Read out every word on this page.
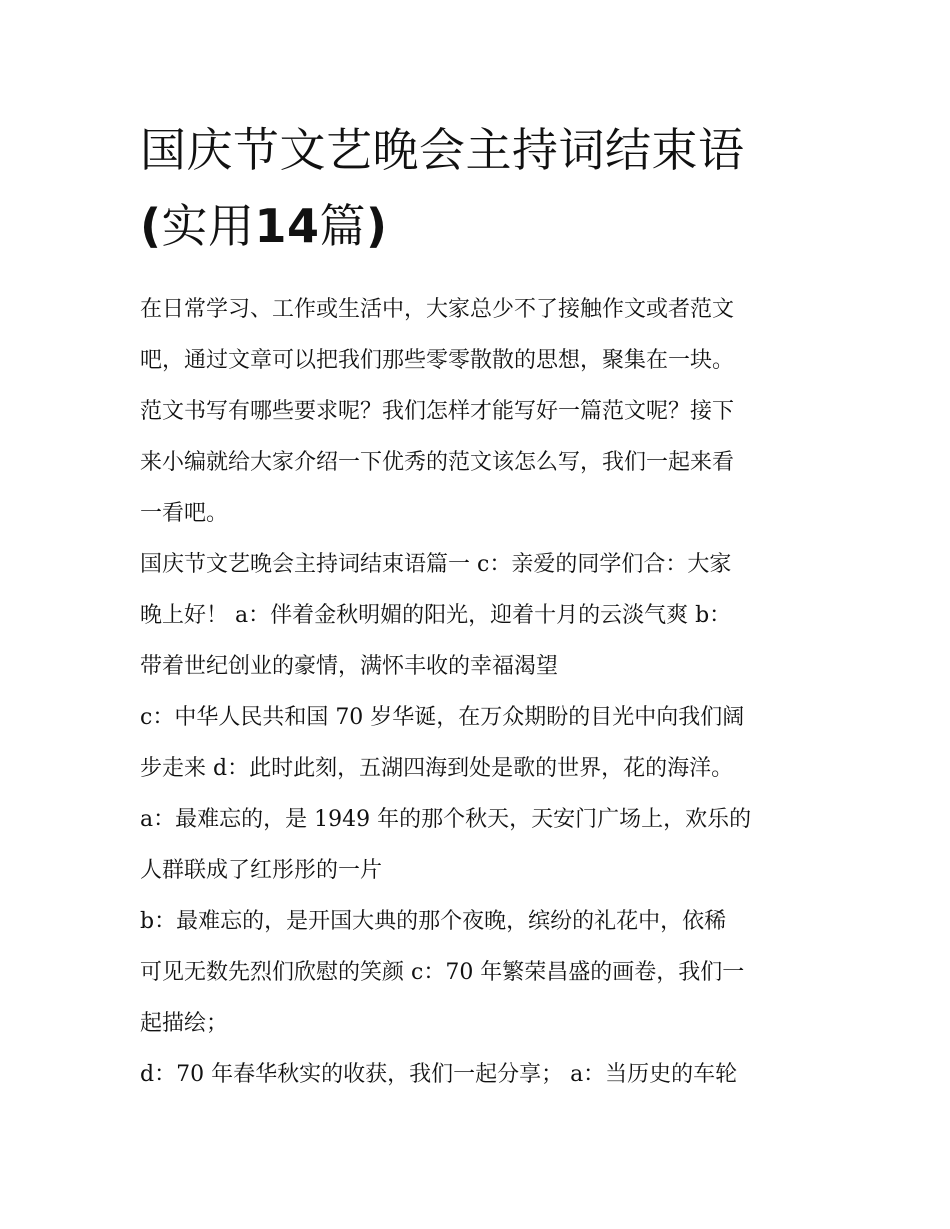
国庆节文艺晚会主持词结束语
(实用14篇)

在日常学习、工作或生活中，大家总少不了接触作文或者范文
吧，通过文章可以把我们那些零零散散的思想，聚集在一块。
范文书写有哪些要求呢？我们怎样才能写好一篇范文呢？接下
来小编就给大家介绍一下优秀的范文该怎么写，我们一起来看
一看吧。

国庆节文艺晚会主持词结束语篇一 c：亲爱的同学们合：大家
晚上好！ a：伴着金秋明媚的阳光，迎着十月的云淡气爽 b：
带着世纪创业的豪情，满怀丰收的幸福渴望

c：中华人民共和国 70 岁华诞，在万众期盼的目光中向我们阔
步走来 d：此时此刻，五湖四海到处是歌的世界，花的海洋。

a：最难忘的，是 1949 年的那个秋天，天安门广场上，欢乐的
人群联成了红彤彤的一片

b：最难忘的，是开国大典的那个夜晚，缤纷的礼花中，依稀
可见无数先烈们欣慰的笑颜 c：70 年繁荣昌盛的画卷，我们一
起描绘；

d：70 年春华秋实的收获，我们一起分享； a：当历史的车轮
